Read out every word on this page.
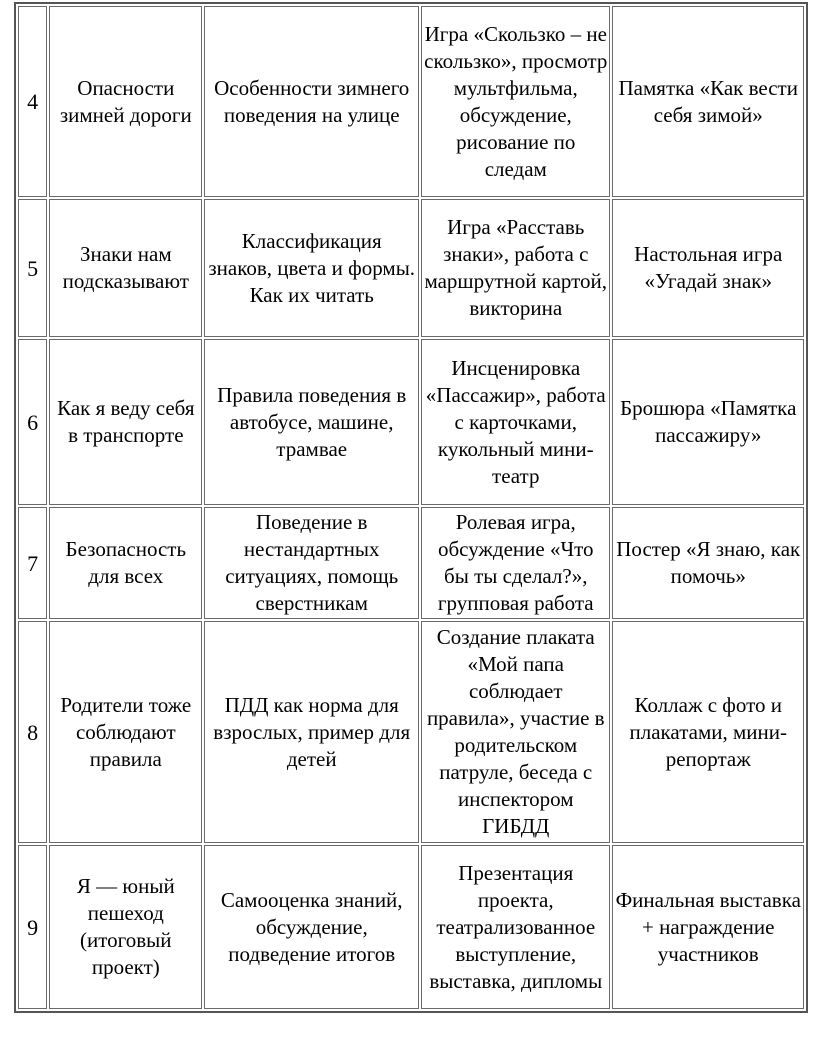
4	Опасности зимней дороги	Особенности зимнего поведения на улице	Игра «Скользко – не скользко», просмотр мультфильма, обсуждение, рисование по следам	Памятка «Как вести себя зимой»
5	Знаки нам подсказывают	Классификация знаков, цвета и формы. Как их читать	Игра «Расставь знаки», работа с маршрутной картой, викторина	Настольная игра «Угадай знак»
6	Как я веду себя в транспорте	Правила поведения в автобусе, машине, трамвае	Инсценировка «Пассажир», работа с карточками, кукольный мини-театр	Брошюра «Памятка пассажиру»
7	Безопасность для всех	Поведение в нестандартных ситуациях, помощь сверстникам	Ролевая игра, обсуждение «Что бы ты сделал?», групповая работа	Постер «Я знаю, как помочь»
8	Родители тоже соблюдают правила	ПДД как норма для взрослых, пример для детей	Создание плаката «Мой папа соблюдает правила», участие в родительском патруле, беседа с инспектором ГИБДД	Коллаж с фото и плакатами, мини-репортаж
9	Я — юный пешеход (итоговый проект)	Самооценка знаний, обсуждение, подведение итогов	Презентация проекта, театрализованное выступление, выставка, дипломы	Финальная выставка + награждение участников
